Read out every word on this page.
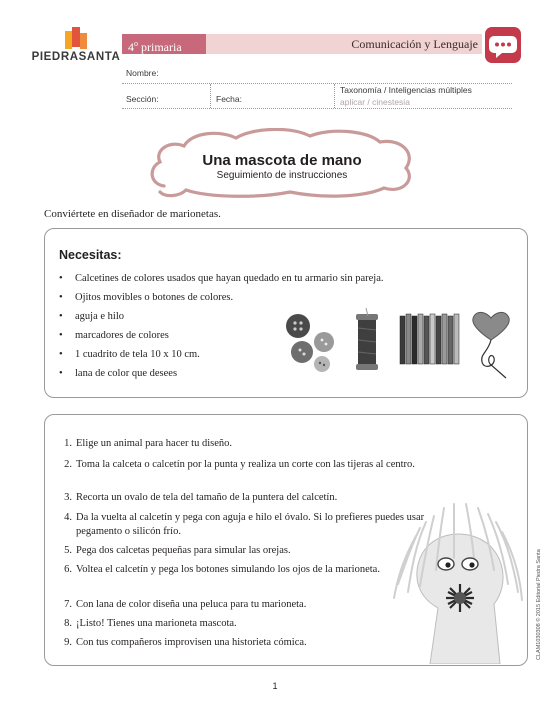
PIEDRASANTA
4$^o$ primaria	Comunicación y Lenguaje
Nombre:
Sección:	Fecha:
Taxonomía / Inteligencias múltiples
aplicar / cinestesia
Una mascota de mano
Seguimiento de instrucciones
Conviértete en diseñador de marionetas.
Necesitas:
• Calcetines de colores usados que hayan quedado en tu armario sin pareja.
• Ojitos movibles o botones de colores.
• aguja e hilo
• marcadores de colores
• 1 cuadrito de tela 10 x 10 cm.
• lana de color que desees
1. Elige un animal para hacer tu diseño.
2. Toma la calceta o calcetín por la punta y realiza un corte con las tijeras al centro.
3. Recorta un ovalo de tela del tamaño de la puntera del calcetín.
4. Da la vuelta al calcetín y pega con aguja e hilo el óvalo. Si lo prefieres puedes usar pegamento o silicón frío.
5. Pega dos calcetas pequeñas para simular las orejas.
6. Voltea el calcetín y pega los botones simulando los ojos de la marioneta.
7. Con lana de color diseña una peluca para tu marioneta.
8. ¡Listo! Tienes una marioneta mascota.
9. Con tus compañeros improvisen una historieta cómica.	CLAM1030308 © 2015 Editorial Piedra Santa
1
